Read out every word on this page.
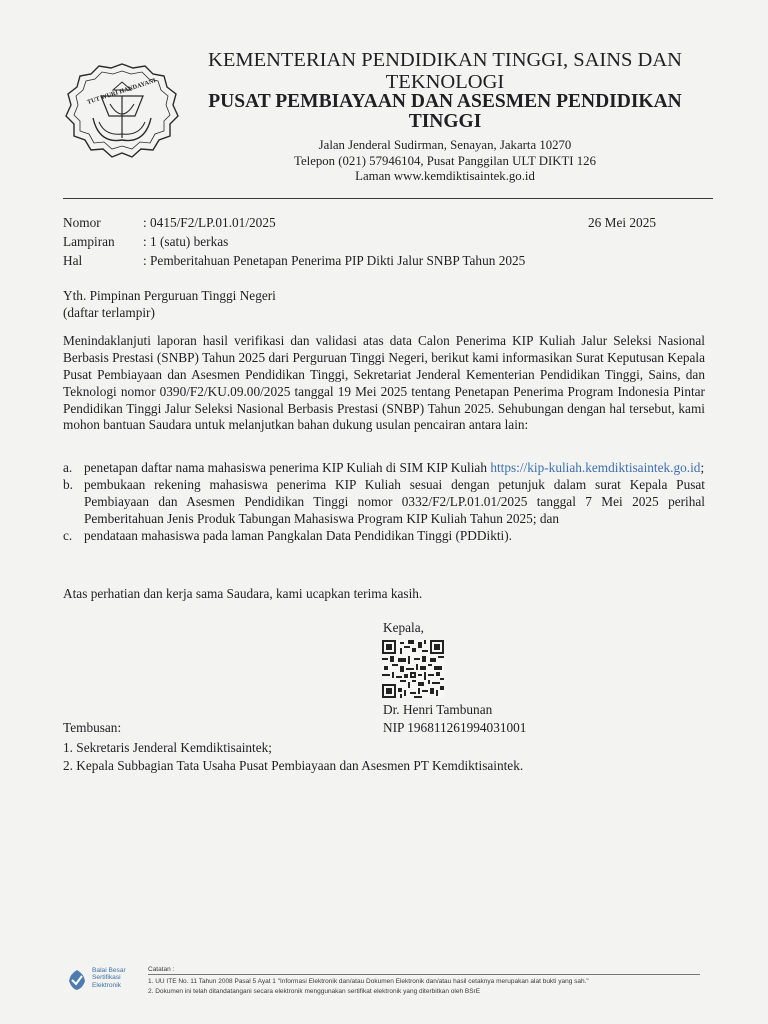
TUT WURI HANDAYANI
KEMENTERIAN PENDIDIKAN TINGGI, SAINS DAN
TEKNOLOGI
PUSAT PEMBIAYAAN DAN ASESMEN PENDIDIKAN
TINGGI
Jalan Jenderal Sudirman, Senayan, Jakarta 10270
Telepon (021) 57946104, Pusat Panggilan ULT DIKTI 126
Laman www.kemdiktisaintek.go.id
Nomor	: 0415/F2/LP.01.01/2025	26 Mei 2025
Lampiran : 1 (satu) berkas
Hal	: Pemberitahuan Penetapan Penerima PIP Dikti Jalur SNBP Tahun 2025
Yth. Pimpinan Perguruan Tinggi Negeri
(daftar terlampir)
Menindaklanjuti laporan hasil verifikasi dan validasi atas data Calon Penerima KIP Kuliah Jalur Seleksi Nasional Berbasis Prestasi (SNBP) Tahun 2025 dari Perguruan Tinggi Negeri, berikut kami informasikan Surat Keputusan Kepala Pusat Pembiayaan dan Asesmen Pendidikan Tinggi, Sekretariat Jenderal Kementerian Pendidikan Tinggi, Sains, dan Teknologi nomor 0390/F2/KU.09.00/2025 tanggal 19 Mei 2025 tentang Penetapan Penerima Program Indonesia Pintar Pendidikan Tinggi Jalur Seleksi Nasional Berbasis Prestasi (SNBP) Tahun 2025. Sehubungan dengan hal tersebut, kami mohon bantuan Saudara untuk melanjutkan bahan dukung usulan pencairan antara lain:
a. penetapan daftar nama mahasiswa penerima KIP Kuliah di SIM KIP Kuliah https://kip-kuliah.kemdiktisaintek.go.id;
b. pembukaan rekening mahasiswa penerima KIP Kuliah sesuai dengan petunjuk dalam surat Kepala Pusat Pembiayaan dan Asesmen Pendidikan Tinggi nomor 0332/F2/LP.01.01/2025 tanggal 7 Mei 2025 perihal Pemberitahuan Jenis Produk Tabungan Mahasiswa Program KIP Kuliah Tahun 2025; dan
c. pendataan mahasiswa pada laman Pangkalan Data Pendidikan Tinggi (PDDikti).
Atas perhatian dan kerja sama Saudara, kami ucapkan terima kasih.
Kepala,
Dr. Henri Tambunan
NIP 196811261994031001
Tembusan:
1. Sekretaris Jenderal Kemdiktisaintek;
2. Kepala Subbagian Tata Usaha Pusat Pembiayaan dan Asesmen PT Kemdiktisaintek.
Balai Besar
Sertifikasi
Elektronik
Catatan :
1. UU ITE No. 11 Tahun 2008 Pasal 5 Ayat 1 "Informasi Elektronik dan/atau Dokumen Elektronik dan/atau hasil cetaknya merupakan alat bukti yang sah."
2. Dokumen ini telah ditandatangani secara elektronik menggunakan sertifikat elektronik yang diterbitkan oleh BSrE
